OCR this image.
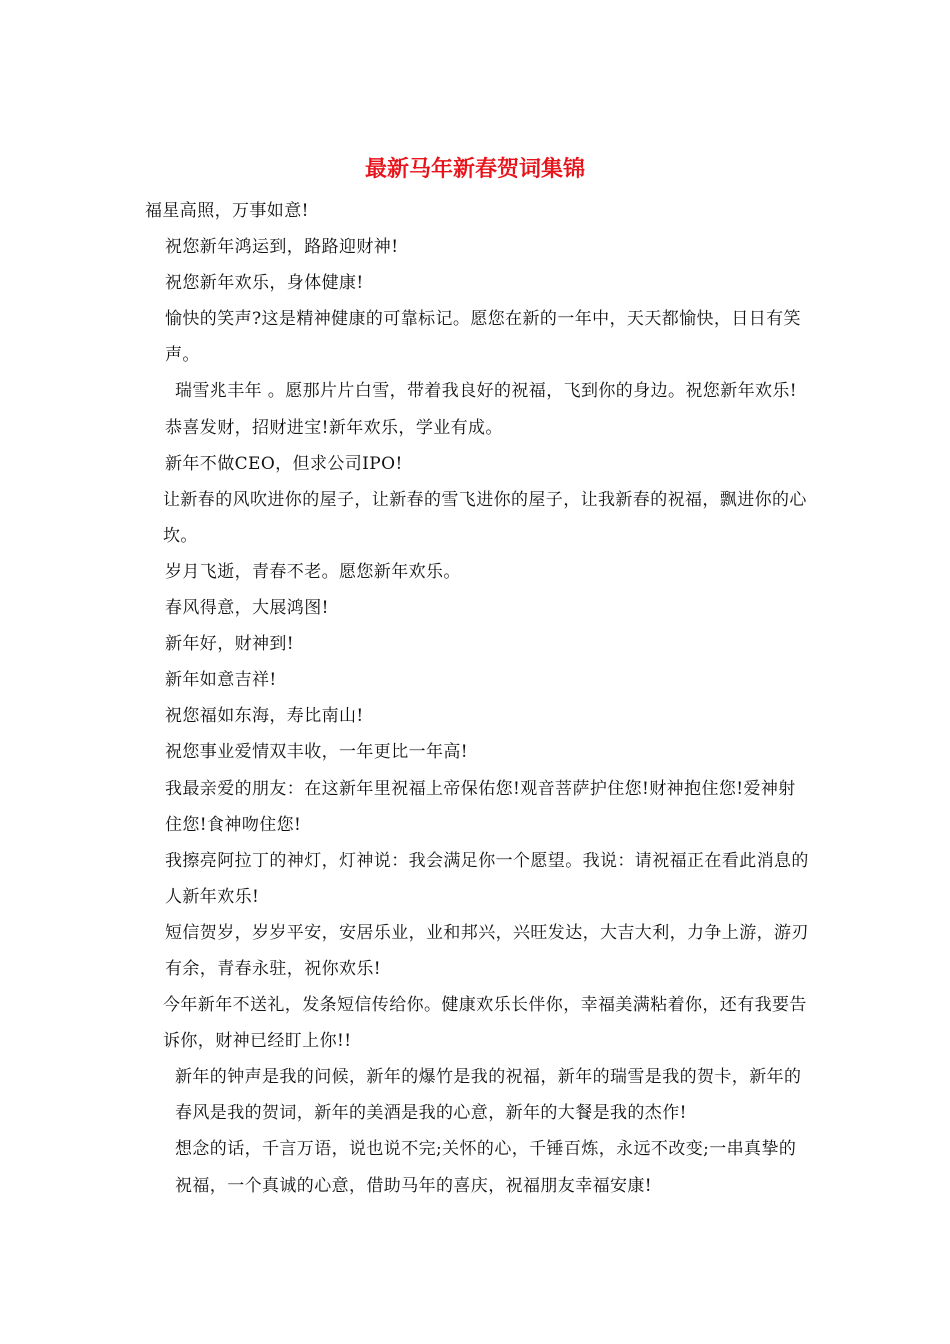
最新马年新春贺词集锦

福星高照，万事如意!

祝您新年鸿运到，路路迎财神!

祝您新年欢乐，身体健康!

愉快的笑声?这是精神健康的可靠标记。愿您在新的一年中，天天都愉快，日日有笑声。

瑞雪兆丰年 。愿那片片白雪，带着我良好的祝福，飞到你的身边。祝您新年欢乐!

恭喜发财，招财进宝!新年欢乐，学业有成。

新年不做CEO，但求公司IPO!

让新春的风吹进你的屋子，让新春的雪飞进你的屋子，让我新春的祝福，飘进你的心坎。

岁月飞逝，青春不老。愿您新年欢乐。

春风得意，大展鸿图!

新年好，财神到!

新年如意吉祥!

祝您福如东海，寿比南山!

祝您事业爱情双丰收，一年更比一年高!

我最亲爱的朋友：在这新年里祝福上帝保佑您!观音菩萨护住您!财神抱住您!爱神射住您!食神吻住您!

我擦亮阿拉丁的神灯，灯神说：我会满足你一个愿望。我说：请祝福正在看此消息的人新年欢乐!

短信贺岁，岁岁平安，安居乐业，业和邦兴，兴旺发达，大吉大利，力争上游，游刃有余，青春永驻，祝你欢乐!

今年新年不送礼，发条短信传给你。健康欢乐长伴你，幸福美满粘着你，还有我要告诉你，财神已经盯上你!!

新年的钟声是我的问候，新年的爆竹是我的祝福，新年的瑞雪是我的贺卡，新年的春风是我的贺词，新年的美酒是我的心意，新年的大餐是我的杰作!

想念的话，千言万语，说也说不完;关怀的心，千锤百炼，永远不改变;一串真挚的祝福，一个真诚的心意，借助马年的喜庆，祝福朋友幸福安康!
